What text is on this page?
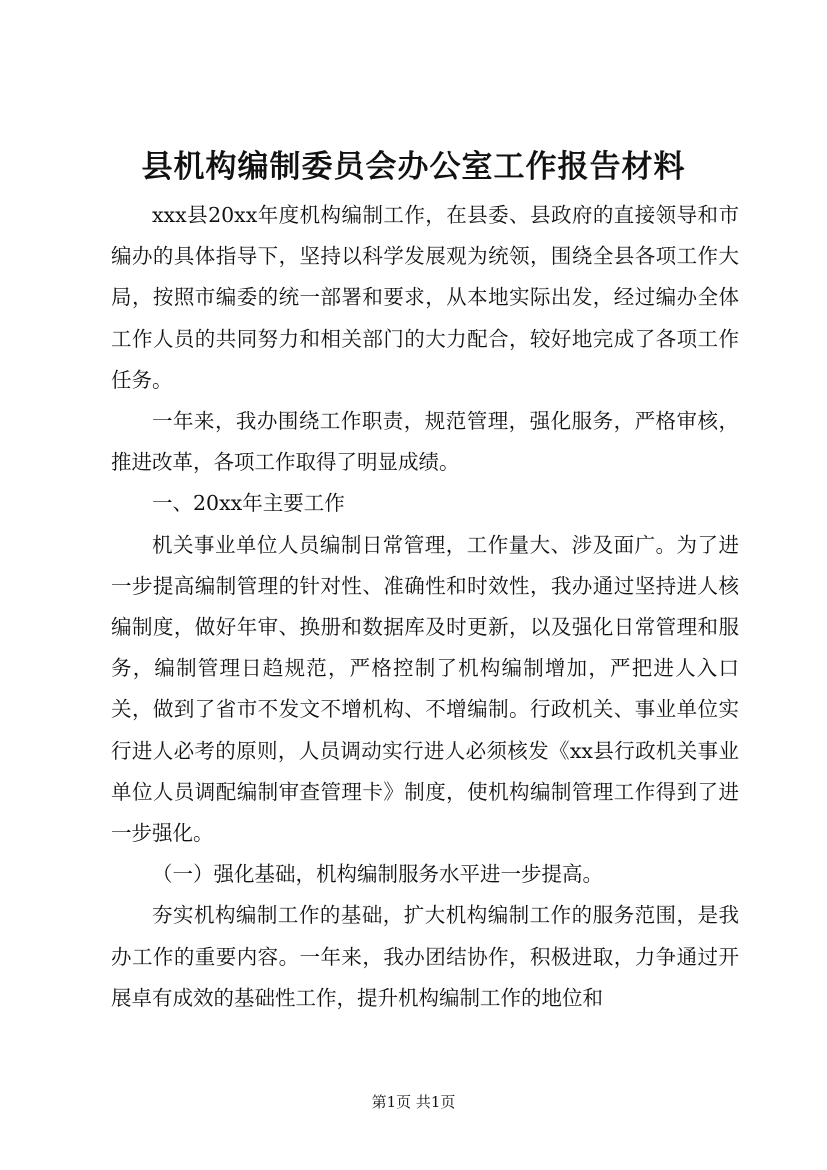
县机构编制委员会办公室工作报告材料

xxx县20xx年度机构编制工作，在县委、县政府的直接领导和市编办的具体指导下，坚持以科学发展观为统领，围绕全县各项工作大局，按照市编委的统一部署和要求，从本地实际出发，经过编办全体工作人员的共同努力和相关部门的大力配合，较好地完成了各项工作任务。

一年来，我办围绕工作职责，规范管理，强化服务，严格审核，推进改革，各项工作取得了明显成绩。

一、20xx年主要工作

机关事业单位人员编制日常管理，工作量大、涉及面广。为了进一步提高编制管理的针对性、准确性和时效性，我办通过坚持进人核编制度，做好年审、换册和数据库及时更新，以及强化日常管理和服务，编制管理日趋规范，严格控制了机构编制增加，严把进人入口关，做到了省市不发文不增机构、不增编制。行政机关、事业单位实行进人必考的原则，人员调动实行进人必须核发《xx县行政机关事业单位人员调配编制审查管理卡》制度，使机构编制管理工作得到了进一步强化。

（一）强化基础，机构编制服务水平进一步提高。

夯实机构编制工作的基础，扩大机构编制工作的服务范围，是我办工作的重要内容。一年来，我办团结协作，积极进取，力争通过开展卓有成效的基础性工作，提升机构编制工作的地位和

第1页 共1页
